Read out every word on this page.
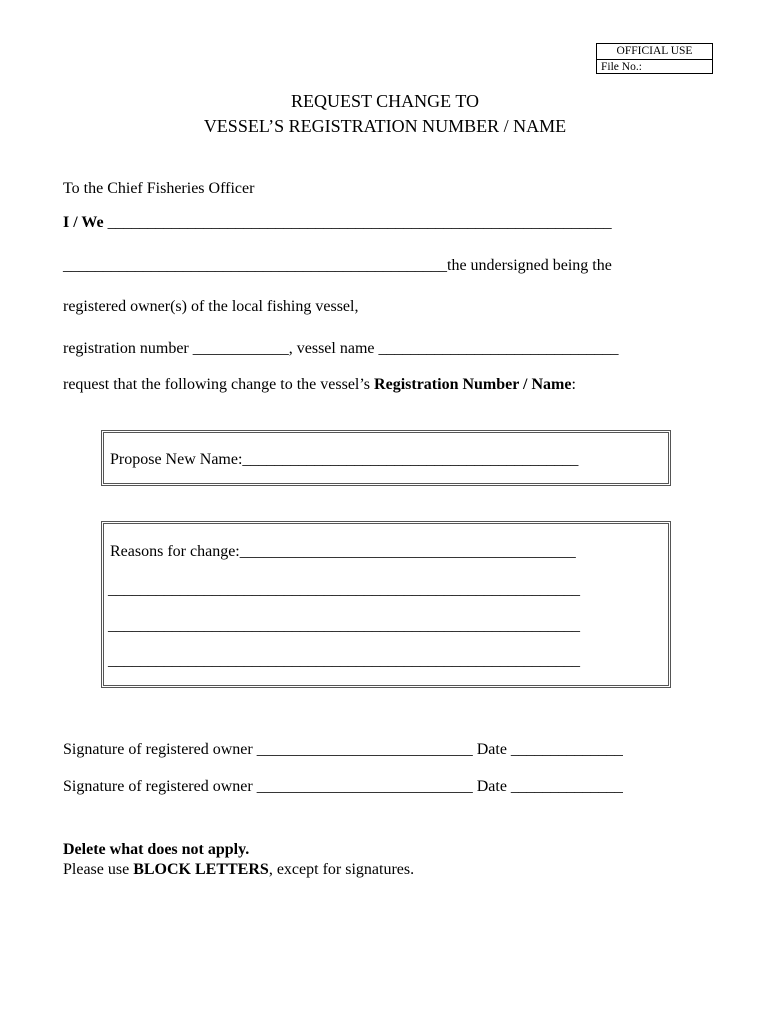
OFFICIAL USE
File No.:
REQUEST CHANGE TO
VESSEL’S REGISTRATION NUMBER / NAME
To the Chief Fisheries Officer
I / We _______________________________________________________________
________________________________________________the undersigned being the
registered owner(s) of the local fishing vessel,
registration number ____________, vessel name ______________________________
request that the following change to the vessel’s Registration Number / Name:
Propose New Name:__________________________________________
Reasons for change:__________________________________________
___________________________________________________________
___________________________________________________________
___________________________________________________________
Signature of registered owner ___________________________ Date ______________
Signature of registered owner ___________________________ Date ______________
Delete what does not apply.
Please use BLOCK LETTERS, except for signatures.
